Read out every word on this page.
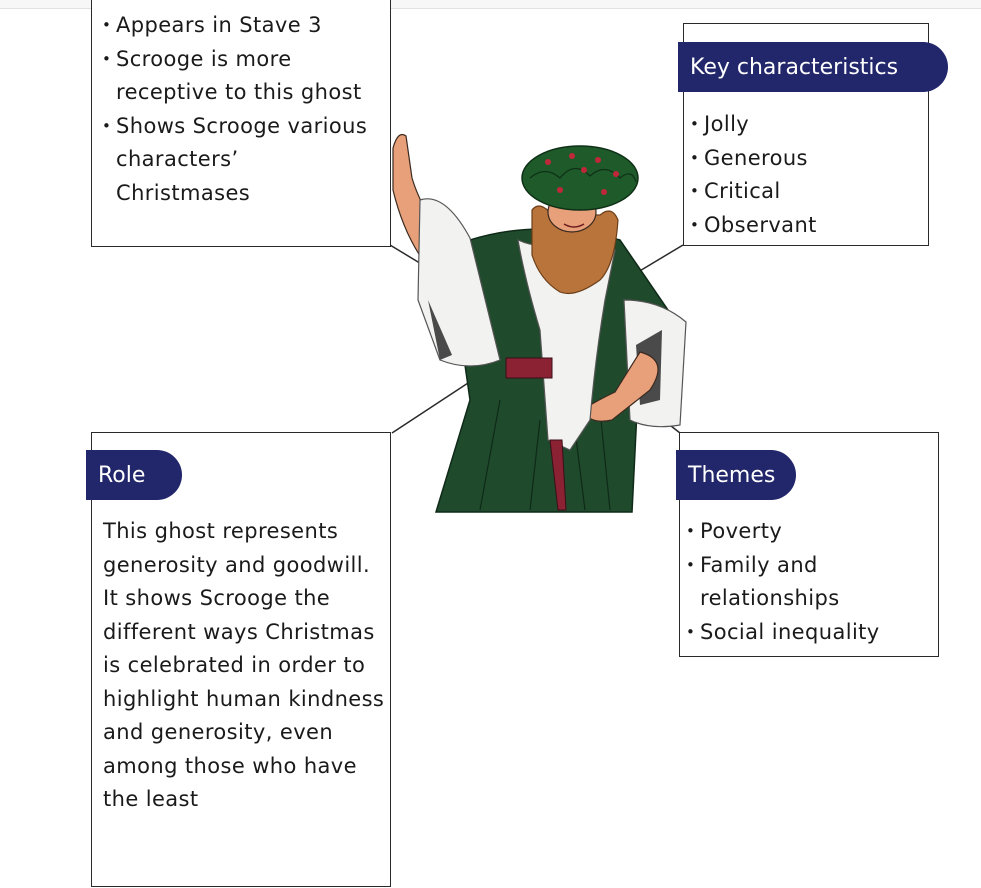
• Appears in Stave 3
• Scrooge is more receptive to this ghost
• Shows Scrooge various characters’ Christmases
• Jolly
• Generous
• Critical
• Observant
Key characteristics

This ghost represents generosity and goodwill. It shows Scrooge the different ways Christmas is celebrated in order to highlight human kindness and generosity, even among those who have the least

Role
• Poverty
• Family and relationships
• Social inequality
Themes
